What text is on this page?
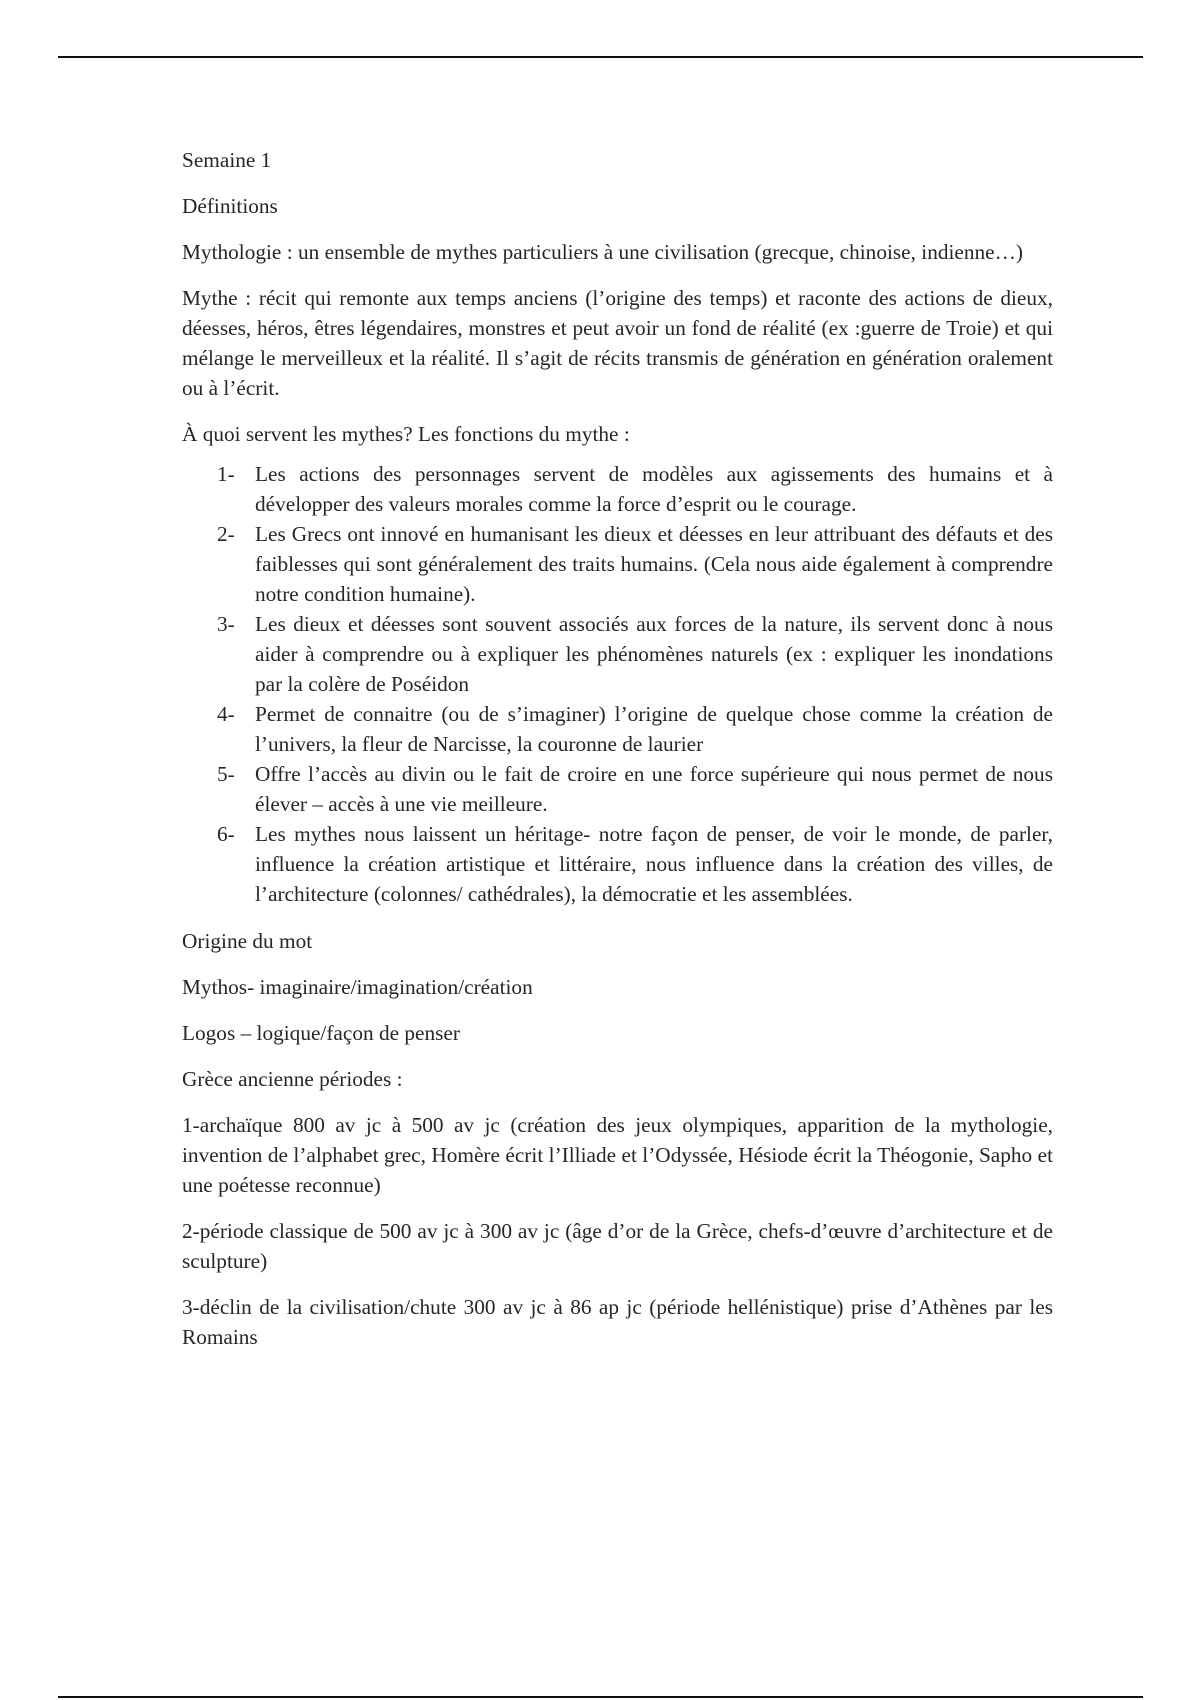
Semaine 1

Définitions

Mythologie : un ensemble de mythes particuliers à une civilisation (grecque, chinoise, indienne…)

Mythe : récit qui remonte aux temps anciens (l’origine des temps) et raconte des actions de dieux, déesses, héros, êtres légendaires, monstres et peut avoir un fond de réalité (ex :guerre de Troie) et qui mélange le merveilleux et la réalité. Il s’agit de récits transmis de génération en génération oralement ou à l’écrit.

À quoi servent les mythes? Les fonctions du mythe :

1- Les actions des personnages servent de modèles aux agissements des humains et à développer des valeurs morales comme la force d’esprit ou le courage.
2- Les Grecs ont innové en humanisant les dieux et déesses en leur attribuant des défauts et des faiblesses qui sont généralement des traits humains. (Cela nous aide également à comprendre notre condition humaine).
3- Les dieux et déesses sont souvent associés aux forces de la nature, ils servent donc à nous aider à comprendre ou à expliquer les phénomènes naturels (ex : expliquer les inondations par la colère de Poséidon
4- Permet de connaitre (ou de s’imaginer) l’origine de quelque chose comme la création de l’univers, la fleur de Narcisse, la couronne de laurier
5- Offre l’accès au divin ou le fait de croire en une force supérieure qui nous permet de nous élever – accès à une vie meilleure.
6- Les mythes nous laissent un héritage- notre façon de penser, de voir le monde, de parler, influence la création artistique et littéraire, nous influence dans la création des villes, de l’architecture (colonnes/ cathédrales), la démocratie et les assemblées.

Origine du mot

Mythos- imaginaire/imagination/création

Logos – logique/façon de penser

Grèce ancienne périodes :

1-archaïque 800 av jc à 500 av jc (création des jeux olympiques, apparition de la mythologie, invention de l’alphabet grec, Homère écrit l’Illiade et l’Odyssée, Hésiode écrit la Théogonie, Sapho et une poétesse reconnue)

2-période classique de 500 av jc à 300 av jc (âge d’or de la Grèce, chefs-d’œuvre d’architecture et de sculpture)

3-déclin de la civilisation/chute 300 av jc à 86 ap jc (période hellénistique) prise d’Athènes par les Romains
